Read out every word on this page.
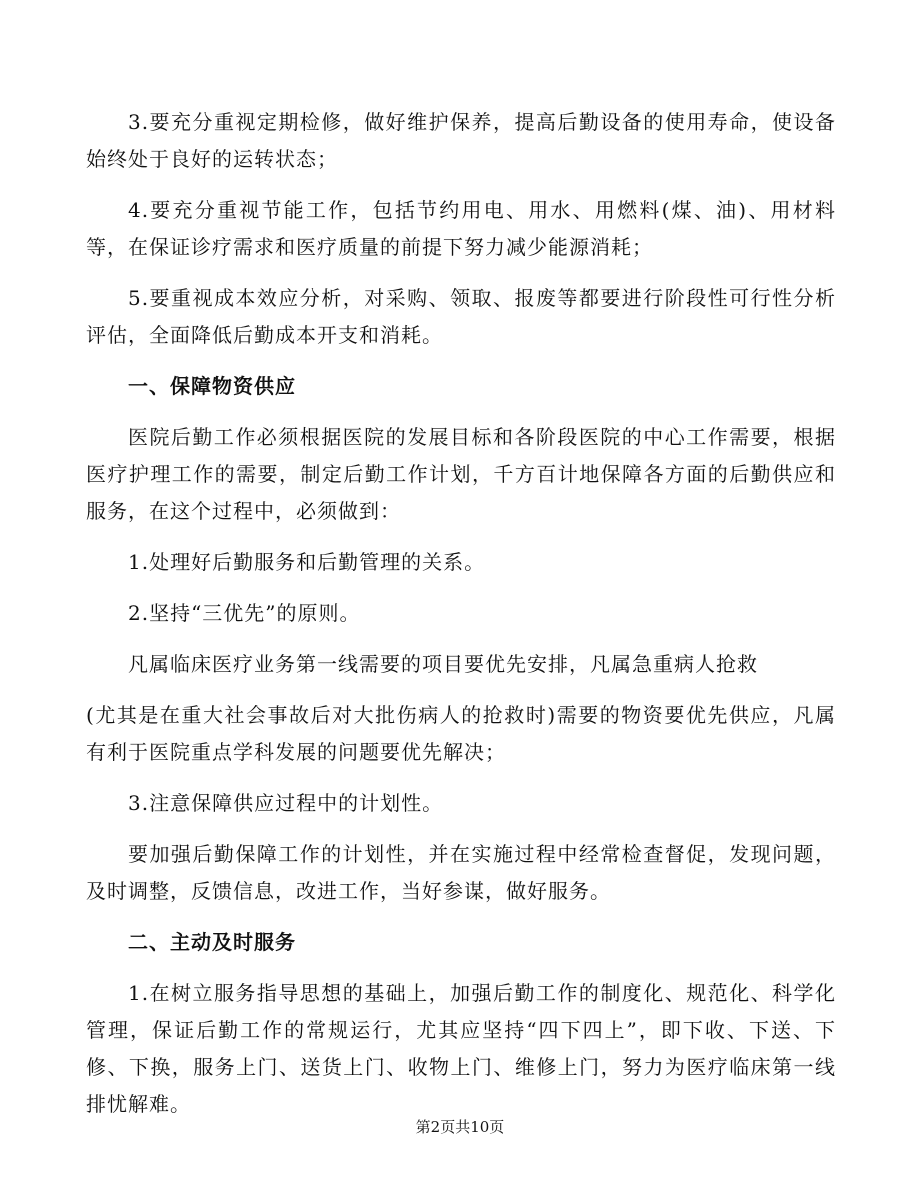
3.要充分重视定期检修，做好维护保养，提高后勤设备的使用寿命，使设备始终处于良好的运转状态；

4.要充分重视节能工作，包括节约用电、用水、用燃料(煤、油)、用材料等，在保证诊疗需求和医疗质量的前提下努力减少能源消耗；

5.要重视成本效应分析，对采购、领取、报废等都要进行阶段性可行性分析评估，全面降低后勤成本开支和消耗。

一、保障物资供应

医院后勤工作必须根据医院的发展目标和各阶段医院的中心工作需要，根据医疗护理工作的需要，制定后勤工作计划，千方百计地保障各方面的后勤供应和服务，在这个过程中，必须做到：

1.处理好后勤服务和后勤管理的关系。

2.坚持“三优先”的原则。

凡属临床医疗业务第一线需要的项目要优先安排，凡属急重病人抢救

(尤其是在重大社会事故后对大批伤病人的抢救时)需要的物资要优先供应，凡属有利于医院重点学科发展的问题要优先解决；

3.注意保障供应过程中的计划性。

要加强后勤保障工作的计划性，并在实施过程中经常检查督促，发现问题，及时调整，反馈信息，改进工作，当好参谋，做好服务。

二、主动及时服务

1.在树立服务指导思想的基础上，加强后勤工作的制度化、规范化、科学化管理，保证后勤工作的常规运行，尤其应坚持“四下四上”，即下收、下送、下修、下换，服务上门、送货上门、收物上门、维修上门，努力为医疗临床第一线排忧解难。

第2页共10页
